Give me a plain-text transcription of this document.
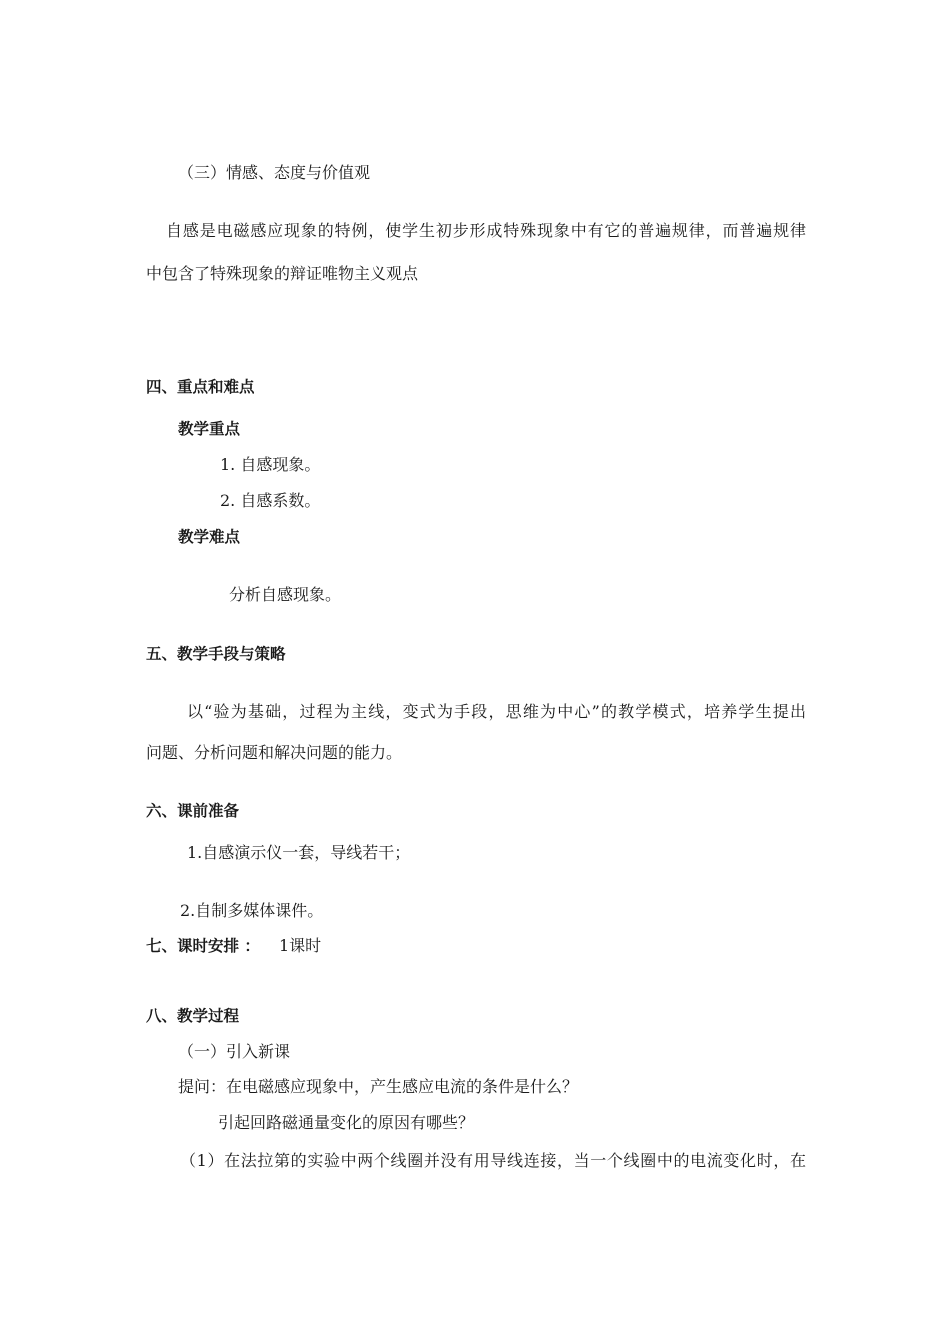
（三）情感、态度与价值观

自感是电磁感应现象的特例，使学生初步形成特殊现象中有它的普遍规律，而普遍规律

中包含了特殊现象的辩证唯物主义观点

四、重点和难点

教学重点

1. 自感现象。

2. 自感系数。

教学难点

分析自感现象。

五、教学手段与策略

以“验为基础，过程为主线，变式为手段，思维为中心”的教学模式，培养学生提出

问题、分析问题和解决问题的能力。

六、课前准备

1.自感演示仪一套，导线若干；

2.自制多媒体课件。

七、课时安排 ： 1课时

八、教学过程

（一）引入新课

提问：在电磁感应现象中，产生感应电流的条件是什么？

引起回路磁通量变化的原因有哪些？

（1）在法拉第的实验中两个线圈并没有用导线连接，当一个线圈中的电流变化时，在
